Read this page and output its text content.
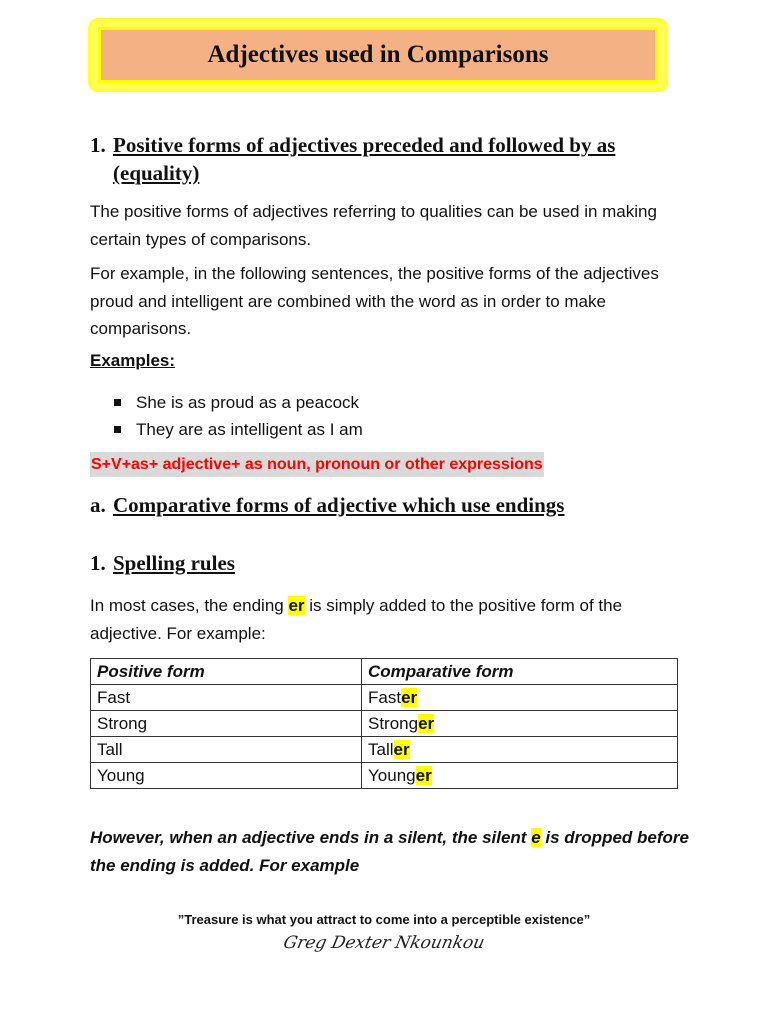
Adjectives used in Comparisons
1. Positive forms of adjectives preceded and followed by as
(equality)
The positive forms of adjectives referring to qualities can be used in making certain types of comparisons.
For example, in the following sentences, the positive forms of the adjectives proud and intelligent are combined with the word as in order to make comparisons.
Examples:
She is as proud as a peacock
They are as intelligent as I am
S+V+as+ adjective+ as noun, pronoun or other expressions
a. Comparative forms of adjective which use endings
1. Spelling rules
In most cases, the ending er is simply added to the positive form of the adjective. For example:
Positive form	Comparative form
Fast	Faster
Strong	Stronger
Tall	Taller
Young	Younger
However, when an adjective ends in a silent, the silent e is dropped before the ending is added. For example
”Treasure is what you attract to come into a perceptible existence”
Greg Dexter Nkounkou
